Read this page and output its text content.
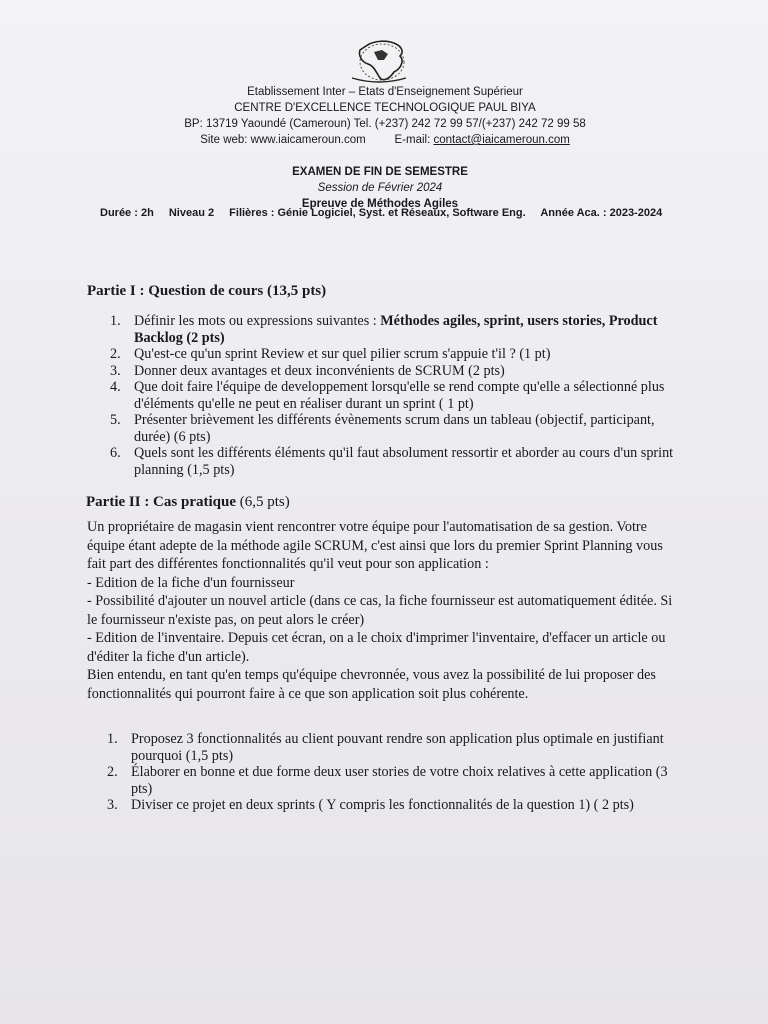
Etablissement Inter – Etats d'Enseignement Supérieur
CENTRE D'EXCELLENCE TECHNOLOGIQUE PAUL BIYA
BP: 13719 Yaoundé (Cameroun) Tel. (+237) 242 72 99 57/(+237) 242 72 99 58
Site web: www.iaicameroun.com	E-mail: contact@iaicameroun.com
EXAMEN DE FIN DE SEMESTRE
Session de Février 2024
Epreuve de Méthodes Agiles
Durée : 2h Niveau 2 Filières : Génie Logiciel, Syst. et Réseaux, Software Eng. Année Aca. : 2023-2024
Partie I : Question de cours (13,5 pts)
1. Définir les mots ou expressions suivantes : Méthodes agiles, sprint, users stories, Product Backlog (2 pts)
2. Qu'est-ce qu'un sprint Review et sur quel pilier scrum s'appuie t'il ? (1 pt)
3. Donner deux avantages et deux inconvénients de SCRUM (2 pts)
4. Que doit faire l'équipe de developpement lorsqu'elle se rend compte qu'elle a sélectionné plus d'éléments qu'elle ne peut en réaliser durant un sprint ( 1 pt)
5. Présenter brièvement les différents évènements scrum dans un tableau (objectif, participant, durée) (6 pts)
6. Quels sont les différents éléments qu'il faut absolument ressortir et aborder au cours d'un sprint planning (1,5 pts)
Partie II : Cas pratique (6,5 pts)

Un propriétaire de magasin vient rencontrer votre équipe pour l'automatisation de sa gestion. Votre équipe étant adepte de la méthode agile SCRUM, c'est ainsi que lors du premier Sprint Planning vous fait part des différentes fonctionnalités qu'il veut pour son application :

- Edition de la fiche d'un fournisseur

- Possibilité d'ajouter un nouvel article (dans ce cas, la fiche fournisseur est automatiquement éditée. Si le fournisseur n'existe pas, on peut alors le créer)

- Edition de l'inventaire. Depuis cet écran, on a le choix d'imprimer l'inventaire, d'effacer un article ou d'éditer la fiche d'un article).

Bien entendu, en tant qu'en temps qu'équipe chevronnée, vous avez la possibilité de lui proposer des fonctionnalités qui pourront faire à ce que son application soit plus cohérente.

1. Proposez 3 fonctionnalités au client pouvant rendre son application plus optimale en justifiant pourquoi (1,5 pts)
2. Élaborer en bonne et due forme deux user stories de votre choix relatives à cette application (3 pts)
3. Diviser ce projet en deux sprints ( Y compris les fonctionnalités de la question 1) ( 2 pts)
